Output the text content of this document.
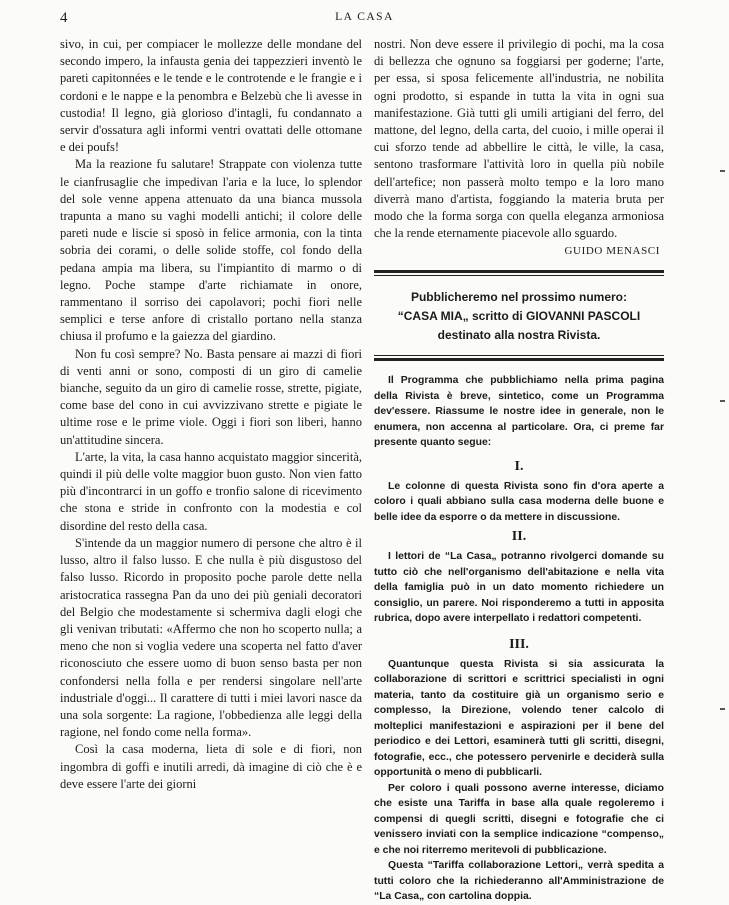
4	LA CASA

sivo, in cui, per compiacer le mollezze delle mondane del secondo impero, la infausta genia dei tappezzieri inventò le pareti capitonnées e le tende e le controtende e le frangie e i cordoni e le nappe e la penombra e Belzebù che li avesse in custodia! Il legno, già glorioso d'intagli, fu condannato a servir d'ossatura agli informi ventri ovattati delle ottomane e dei poufs!

Ma la reazione fu salutare! Strappate con violenza tutte le cianfrusaglie che impedivan l'aria e la luce, lo splendor del sole venne appena attenuato da una bianca mussola trapunta a mano su vaghi modelli antichi; il colore delle pareti nude e liscie si sposò in felice armonia, con la tinta sobria dei corami, o delle solide stoffe, col fondo della pedana ampia ma libera, su l'impiantito di marmo o di legno. Poche stampe d'arte richiamate in onore, rammentano il sorriso dei capolavori; pochi fiori nelle semplici e terse anfore di cristallo portano nella stanza chiusa il profumo e la gaiezza del giardino.

Non fu così sempre? No. Basta pensare ai mazzi di fiori di venti anni or sono, composti di un giro di camelie bianche, seguito da un giro di camelie rosse, strette, pigiate, come base del cono in cui avvizzivano strette e pigiate le ultime rose e le prime viole. Oggi i fiori son liberi, hanno un'attitudine sincera.

L'arte, la vita, la casa hanno acquistato maggior sincerità, quindi il più delle volte maggior buon gusto. Non vien fatto più d'incontrarci in un goffo e tronfio salone di ricevimento che stona e stride in confronto con la modestia e col disordine del resto della casa.

S'intende da un maggior numero di persone che altro è il lusso, altro il falso lusso. E che nulla è più disgustoso del falso lusso. Ricordo in proposito poche parole dette nella aristocratica rassegna Pan da uno dei più geniali decoratori del Belgio che modestamente si schermiva dagli elogi che gli venivan tributati: «Affermo che non ho scoperto nulla; a meno che non si voglia vedere una scoperta nel fatto d'aver riconosciuto che essere uomo di buon senso basta per non confondersi nella folla e per rendersi singolare nell'arte industriale d'oggi... Il carattere di tutti i miei lavori nasce da una sola sorgente: La ragione, l'obbedienza alle leggi della ragione, nel fondo come nella forma».

Così la casa moderna, lieta di sole e di fiori, non ingombra di goffi e inutili arredi, dà imagine di ciò che è e deve essere l'arte dei giorni

nostri. Non deve essere il privilegio di pochi, ma la cosa di bellezza che ognuno sa foggiarsi per goderne; l'arte, per essa, si sposa felicemente all'industria, ne nobilita ogni prodotto, si espande in tutta la vita in ogni sua manifestazione. Già tutti gli umili artigiani del ferro, del mattone, del legno, della carta, del cuoio, i mille operai il cui sforzo tende ad abbellire le città, le ville, la casa, sentono trasformare l'attività loro in quella più nobile dell'artefice; non passerà molto tempo e la loro mano diverrà mano d'artista, foggiando la materia bruta per modo che la forma sorga con quella eleganza armoniosa che la rende eternamente piacevole allo sguardo.

GUIDO MENASCI
Pubblicheremo nel prossimo numero:
“CASA MIA„ scritto di GIOVANNI PASCOLI
destinato alla nostra Rivista.

Il Programma che pubblichiamo nella prima pagina della Rivista è breve, sintetico, come un Programma dev'essere. Riassume le nostre idee in generale, non le enumera, non accenna al particolare. Ora, ci preme far presente quanto segue:

I.

Le colonne di questa Rivista sono fin d'ora aperte a coloro i quali abbiano sulla casa moderna delle buone e belle idee da esporre o da mettere in discussione.

II.

I lettori de “La Casa„ potranno rivolgerci domande su tutto ciò che nell'organismo dell'abitazione e nella vita della famiglia può in un dato momento richiedere un consiglio, un parere. Noi risponderemo a tutti in apposita rubrica, dopo avere interpellato i redattori competenti.

III.

Quantunque questa Rivista si sia assicurata la collaborazione di scrittori e scrittrici specialisti in ogni materia, tanto da costituire già un organismo serio e complesso, la Direzione, volendo tener calcolo di molteplici manifestazioni e aspirazioni per il bene del periodico e dei Lettori, esaminerà tutti gli scritti, disegni, fotografie, ecc., che potessero pervenirle e deciderà sulla opportunità o meno di pubblicarli.

Per coloro i quali possono averne interesse, diciamo che esiste una Tariffa in base alla quale regoleremo i compensi di quegli scritti, disegni e fotografie che ci venissero inviati con la semplice indicazione “compenso„ e che noi riterremo meritevoli di pubblicazione.

Questa “Tariffa collaborazione Lettori„ verrà spedita a tutti coloro che la richiederanno all'Amministrazione de “La Casa„ con cartolina doppia.
